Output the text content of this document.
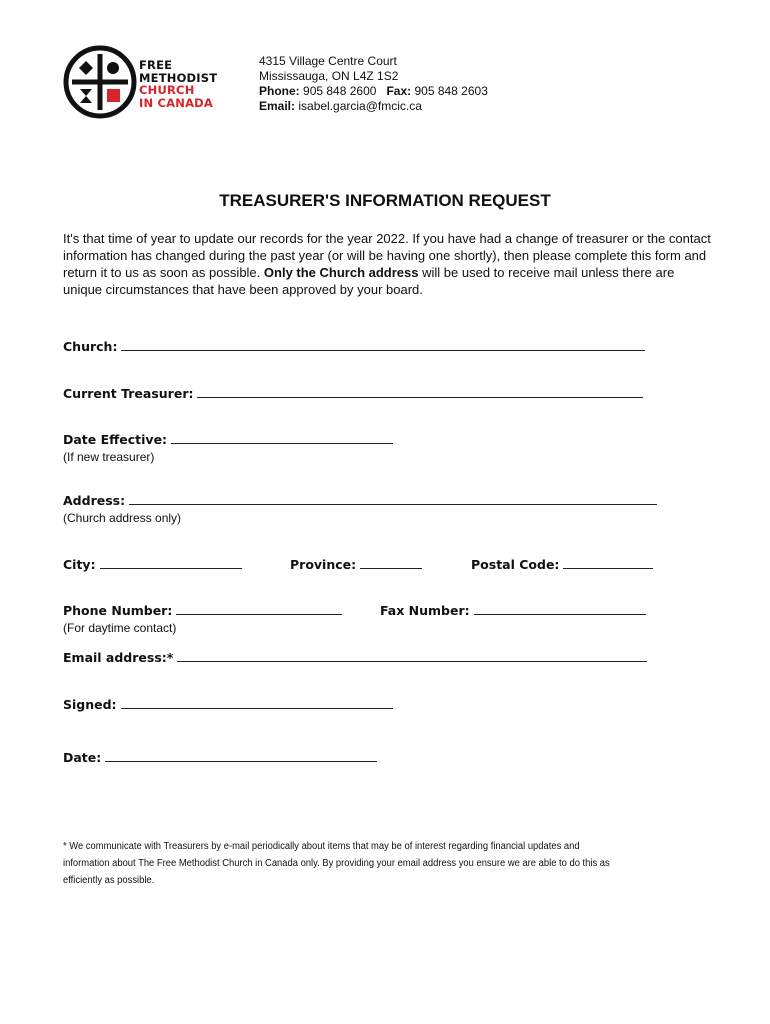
FREE
METHODIST
CHURCH
IN CANADA
4315 Village Centre Court
Mississauga, ON L4Z 1S2
Phone: 905 848 2600 Fax: 905 848 2603
Email: isabel.garcia@fmcic.ca
TREASURER'S INFORMATION REQUEST
It's that time of year to update our records for the year 2022. If you have had a change of treasurer or the contact information has changed during the past year (or will be having one shortly), then please complete this form and return it to us as soon as possible. Only the Church address will be used to receive mail unless there are unique circumstances that have been approved by your board.
Church:
Current Treasurer:
Date Effective:
(If new treasurer)
Address:
(Church address only)
City:	Province:	Postal Code:
Phone Number:
(For daytime contact)
Fax Number:
Email address:*
Signed:
Date:
* We communicate with Treasurers by e-mail periodically about items that may be of interest regarding financial updates and information about The Free Methodist Church in Canada only. By providing your email address you ensure we are able to do this as efficiently as possible.
